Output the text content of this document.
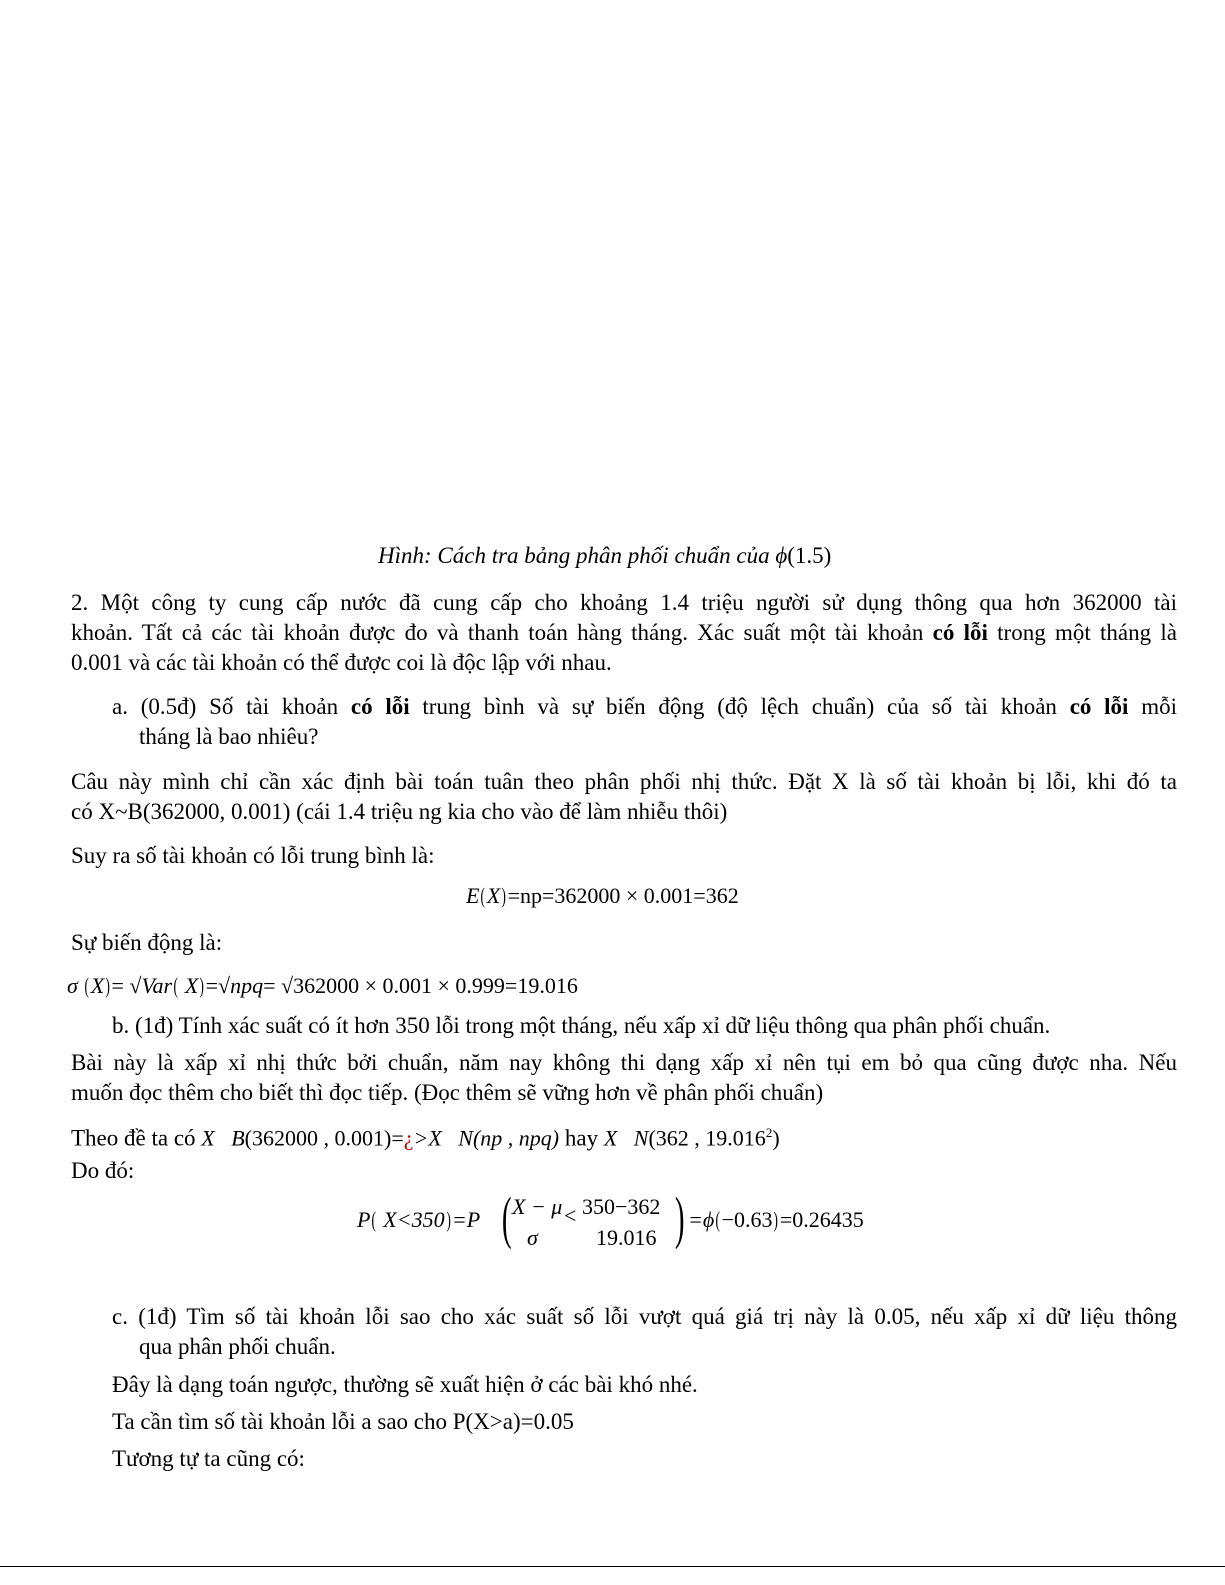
Hình: Cách tra bảng phân phối chuẩn của ϕ(1.5)
2. Một công ty cung cấp nước đã cung cấp cho khoảng 1.4 triệu người sử dụng thông qua hơn 362000 tài
khoản. Tất cả các tài khoản được đo và thanh toán hàng tháng. Xác suất một tài khoản có lỗi trong một tháng là
0.001 và các tài khoản có thể được coi là độc lập với nhau.
a. (0.5đ) Số tài khoản có lỗi trung bình và sự biến động (độ lệch chuẩn) của số tài khoản có lỗi mỗi
tháng là bao nhiêu?
Câu này mình chỉ cần xác định bài toán tuân theo phân phối nhị thức. Đặt X là số tài khoản bị lỗi, khi đó ta
có X~B(362000, 0.001) (cái 1.4 triệu ng kia cho vào để làm nhiễu thôi)
Suy ra số tài khoản có lỗi trung bình là:
E(X)=np=362000 × 0.001=362
Sự biến động là:
σ (X)= √Var( X)=√npq= √362000 × 0.001 × 0.999=19.016
b. (1đ) Tính xác suất có ít hơn 350 lỗi trong một tháng, nếu xấp xỉ dữ liệu thông qua phân phối chuẩn.
Bài này là xấp xỉ nhị thức bởi chuẩn, năm nay không thi dạng xấp xỉ nên tụi em bỏ qua cũng được nha. Nếu
muốn đọc thêm cho biết thì đọc tiếp. (Đọc thêm sẽ vững hơn về phân phối chuẩn)
Theo đề ta có X   B(362000 , 0.001)=¿>X   N(np , npq) hay X   N(362 , 19.016$^2$)
Do đó:
P( X<350)=P ( X − μ < 350−362
σ	19.016 ) =ϕ(−0.63)=0.26435
c. (1đ) Tìm số tài khoản lỗi sao cho xác suất số lỗi vượt quá giá trị này là 0.05, nếu xấp xỉ dữ liệu thông
qua phân phối chuẩn.
Đây là dạng toán ngược, thường sẽ xuất hiện ở các bài khó nhé.
Ta cần tìm số tài khoản lỗi a sao cho P(X>a)=0.05
Tương tự ta cũng có:
